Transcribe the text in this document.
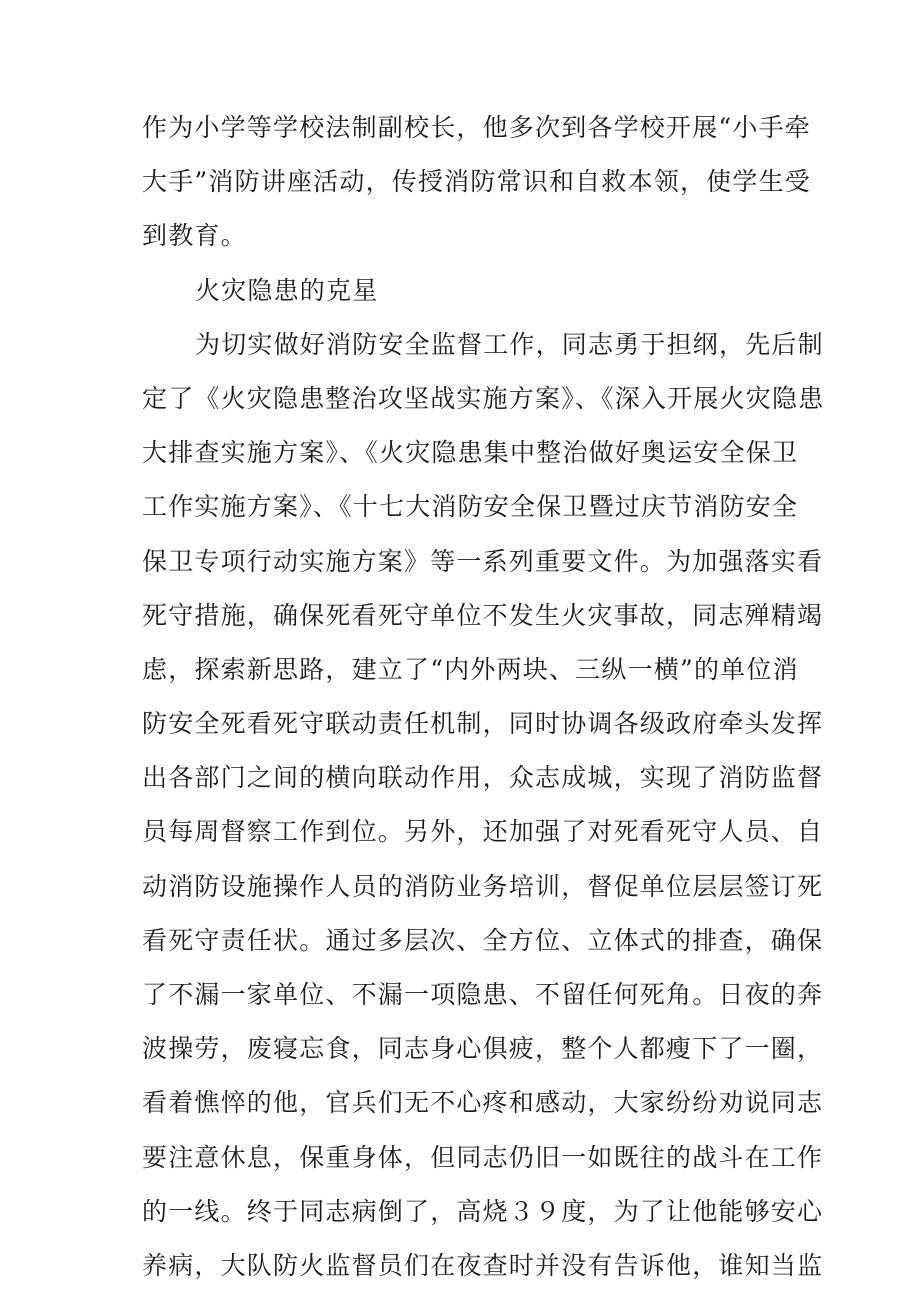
作为小学等学校法制副校长，他多次到各学校开展“小手牵

大手”消防讲座活动，传授消防常识和自救本领，使学生受

到教育。

火灾隐患的克星

为切实做好消防安全监督工作，同志勇于担纲，先后制

定了《火灾隐患整治攻坚战实施方案》、《深入开展火灾隐患

大排查实施方案》、《火灾隐患集中整治做好奥运安全保卫

工作实施方案》、《十七大消防安全保卫暨过庆节消防安全

保卫专项行动实施方案》等一系列重要文件。为加强落实看

死守措施，确保死看死守单位不发生火灾事故，同志殚精竭

虑，探索新思路，建立了“内外两块、三纵一横”的单位消

防安全死看死守联动责任机制，同时协调各级政府牵头发挥

出各部门之间的横向联动作用，众志成城，实现了消防监督

员每周督察工作到位。另外，还加强了对死看死守人员、自

动消防设施操作人员的消防业务培训，督促单位层层签订死

看死守责任状。通过多层次、全方位、立体式的排查，确保

了不漏一家单位、不漏一项隐患、不留任何死角。日夜的奔

波操劳，废寝忘食，同志身心俱疲，整个人都瘦下了一圈，

看着憔悴的他，官兵们无不心疼和感动，大家纷纷劝说同志

要注意休息，保重身体，但同志仍旧一如既往的战斗在工作

的一线。终于同志病倒了，高烧３９度，为了让他能够安心

养病，大队防火监督员们在夜查时并没有告诉他，谁知当监
